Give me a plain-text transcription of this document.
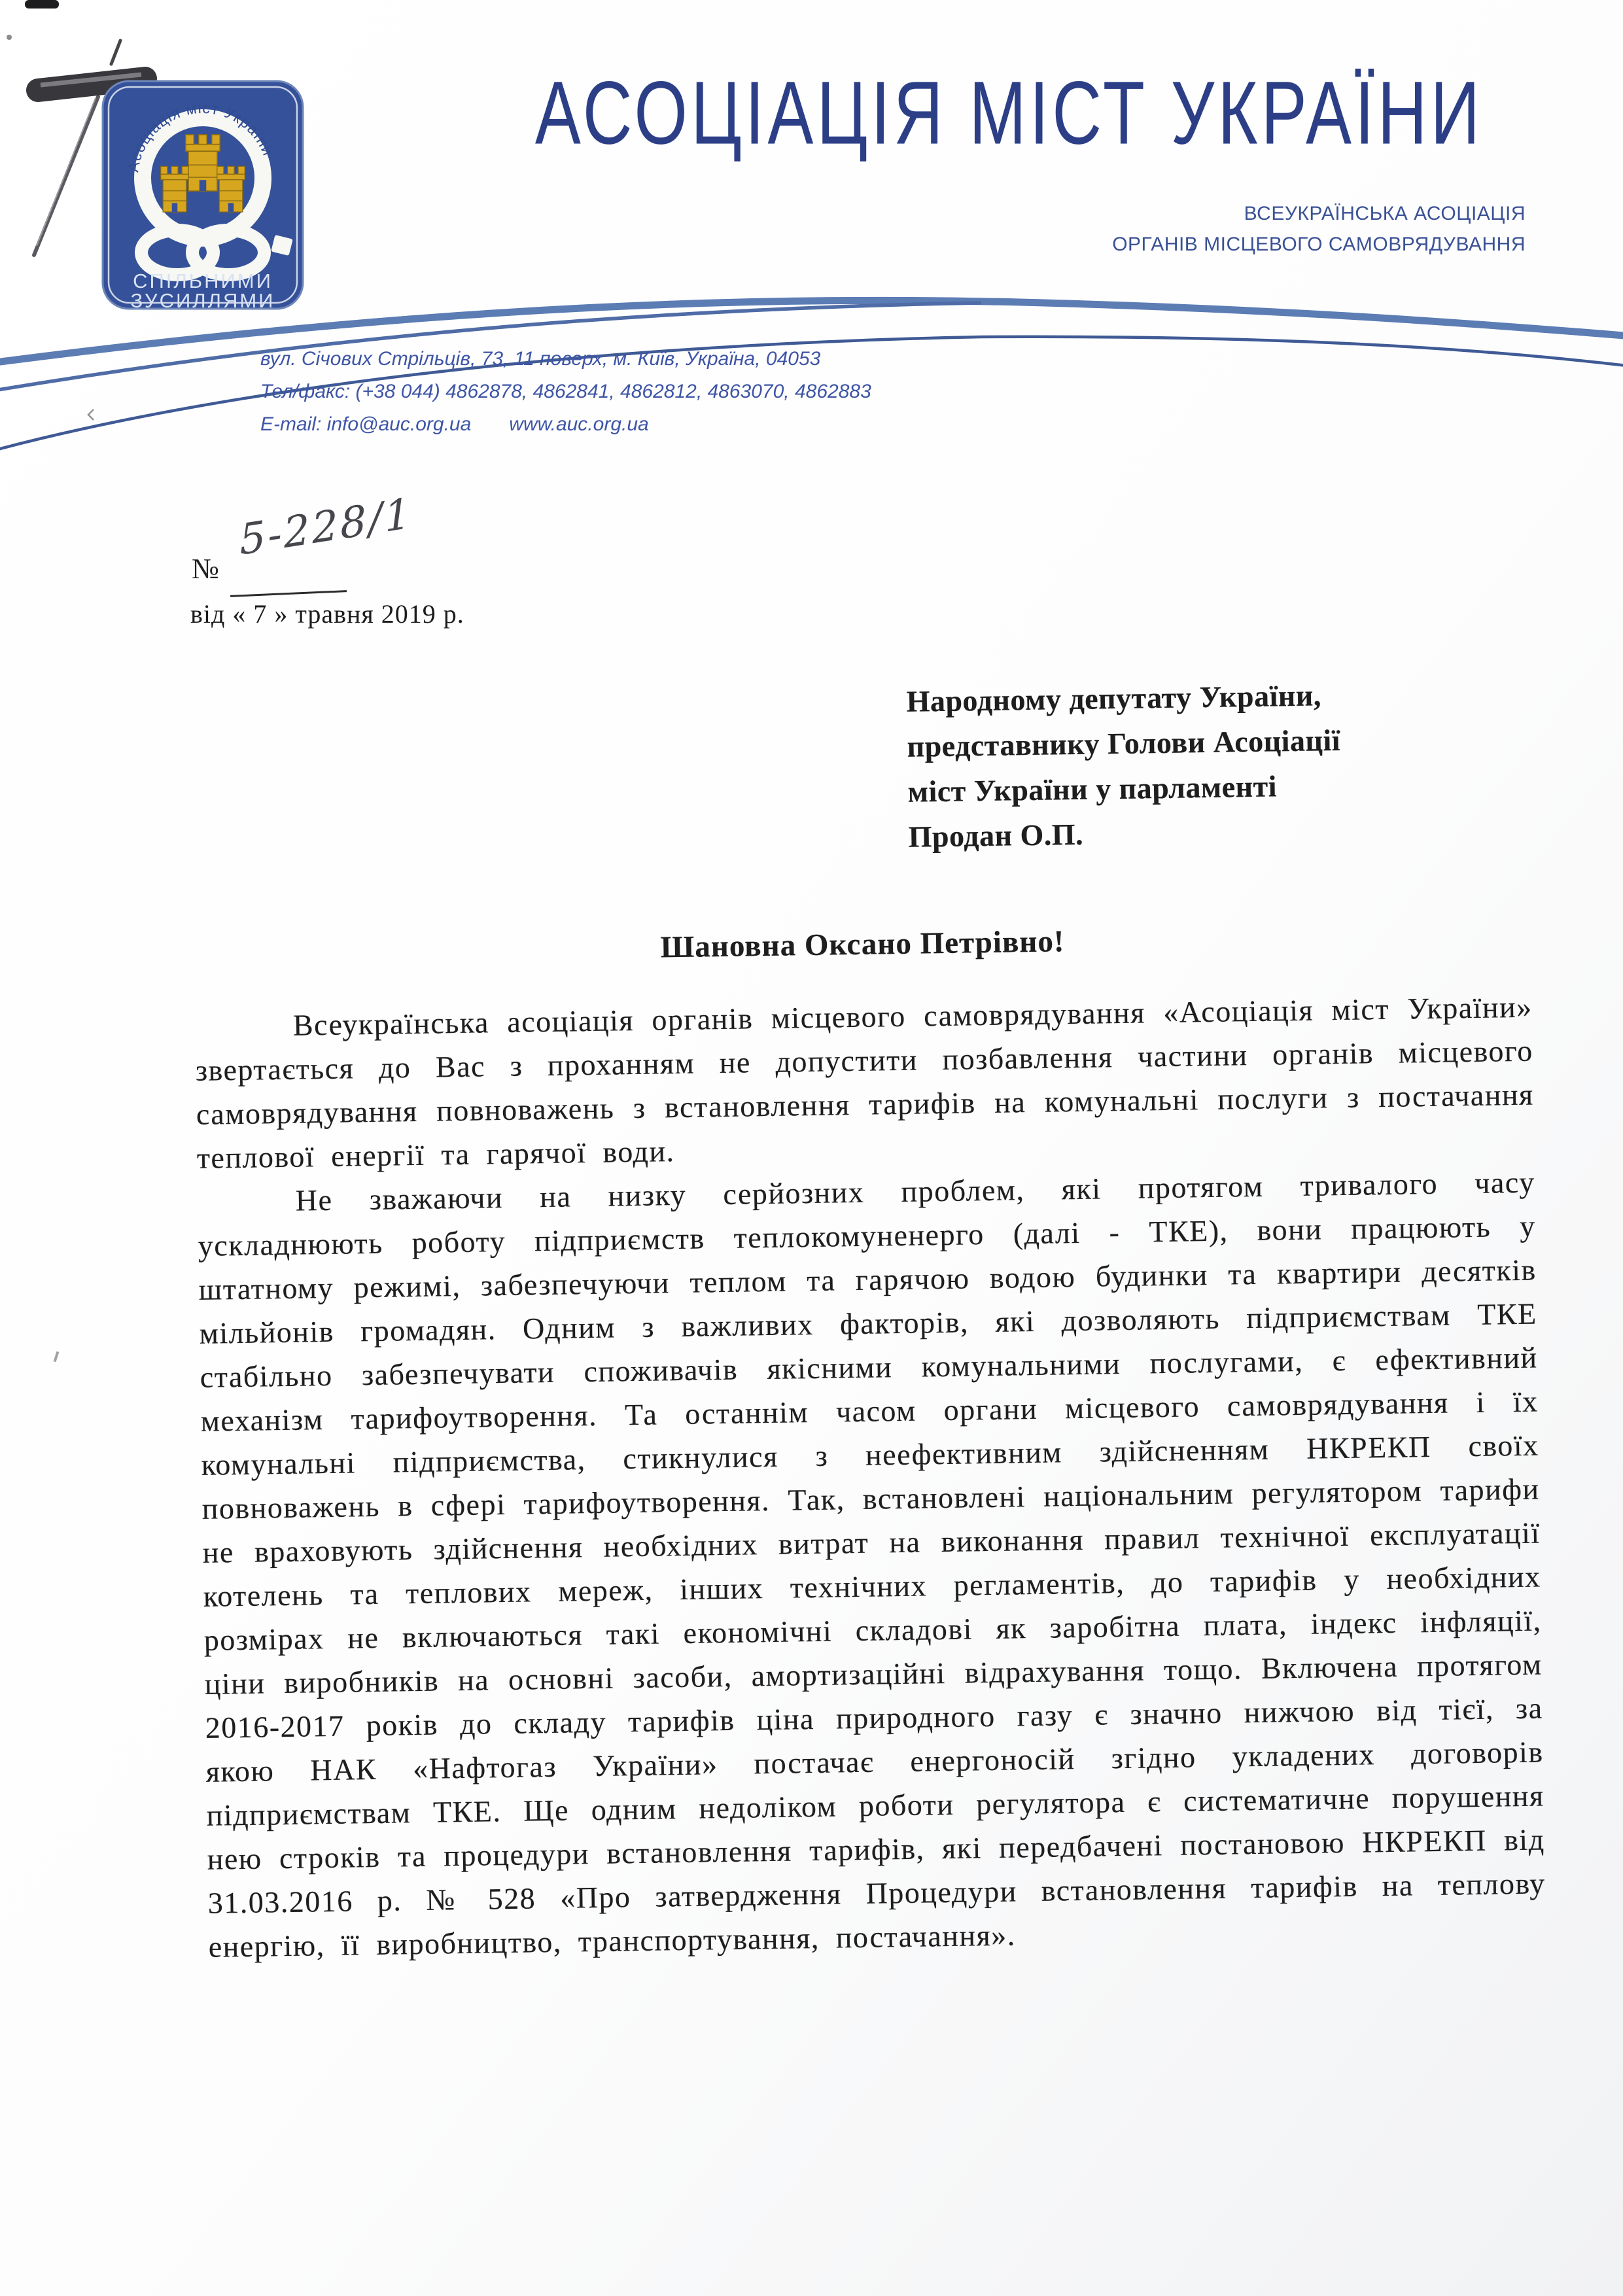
Асоціація міст України
СПІЛЬНИМИ
ЗУСИЛЛЯМИ
АСОЦІАЦІЯ МІСТ УКРАЇНИ
ВСЕУКРАЇНСЬКА АСОЦІАЦІЯ
ОРГАНІВ МІСЦЕВОГО САМОВРЯДУВАННЯ
вул. Січових Стрільців, 73, 11 поверх, м. Київ, Україна, 04053
Тел/факс: (+38 044) 4862878, 4862841, 4862812, 4863070, 4862883
E-mail: info@auc.org.ua www.auc.org.ua
№
5-228/1
від « 7 » травня 2019 р.
Народному депутату України,
представнику Голови Асоціації
міст України у парламенті
Продан О.П.
Шановна Оксано Петрівно!

Всеукраїнська асоціація органів місцевого самоврядування «Асоціація міст України» звертається до Вас з проханням не допустити позбавлення частини органів місцевого самоврядування повноважень з встановлення тарифів на комунальні послуги з постачання теплової енергії та гарячої води.

Не зважаючи на низку серйозних проблем, які протягом тривалого часу ускладнюють роботу підприємств теплокомуненерго (далі - ТКЕ), вони працюють у штатному режимі, забезпечуючи теплом та гарячою водою будинки та квартири десятків мільйонів громадян. Одним з важливих факторів, які дозволяють підприємствам ТКЕ стабільно забезпечувати споживачів якісними комунальними послугами, є ефективний механізм тарифоутворення. Та останнім часом органи місцевого самоврядування і їх комунальні підприємства, стикнулися з неефективним здійсненням НКРЕКП своїх повноважень в сфері тарифоутворення. Так, встановлені національним регулятором тарифи не враховують здійснення необхідних витрат на виконання правил технічної експлуатації котелень та теплових мереж, інших технічних регламентів, до тарифів у необхідних розмірах не включаються такі економічні складові як заробітна плата, індекс інфляції, ціни виробників на основні засоби, амортизаційні відрахування тощо. Включена протягом 2016-2017 років до складу тарифів ціна природного газу є значно нижчою від тієї, за якою НАК «Нафтогаз України» постачає енергоносій згідно укладених договорів підприємствам ТКЕ. Ще одним недоліком роботи регулятора є систематичне порушення нею строків та процедури встановлення тарифів, які передбачені постановою НКРЕКП від 31.03.2016 р. № 528 «Про затвердження Процедури встановлення тарифів на теплову енергію, її виробництво, транспортування, постачання».
